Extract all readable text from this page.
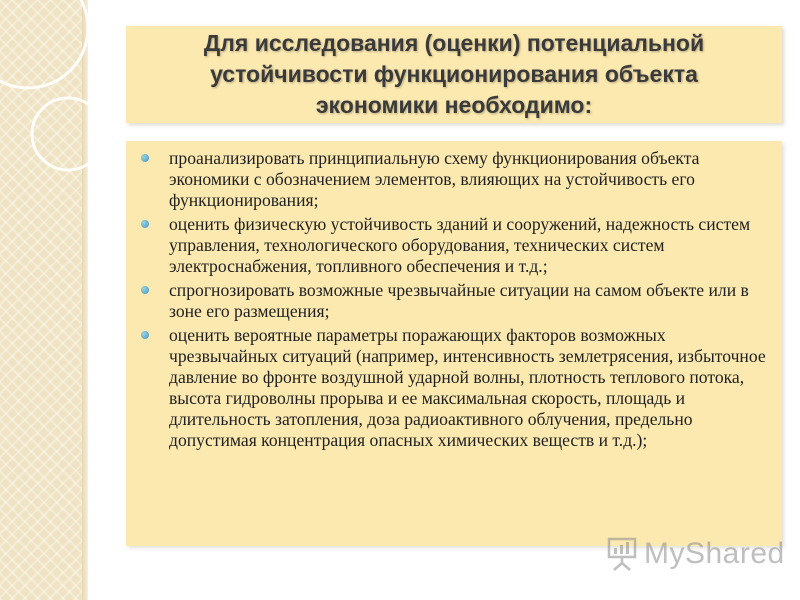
Для исследования (оценки) потенциальной устойчивости функционирования объекта экономики необходимо:
проанализировать принципиальную схему функционирования объекта экономики с обозначением элементов, влияющих на устойчивость его функционирования;
оценить физическую устойчивость зданий и сооружений, надежность систем управления, технологического оборудования, технических систем электроснабжения, топливного обеспечения и т.д.;
спрогнозировать возможные чрезвычайные ситуации на самом объекте или в зоне его размещения;
оценить вероятные параметры поражающих факторов возможных чрезвычайных ситуаций (например, интенсивность землетрясения, избыточное давление во фронте воздушной ударной волны, плотность теплового потока, высота гидроволны прорыва и ее максимальная скорость, площадь и длительность затопления, доза радиоактивного облучения, предельно допустимая концентрация опасных химических веществ и т.д.);
MyShared
